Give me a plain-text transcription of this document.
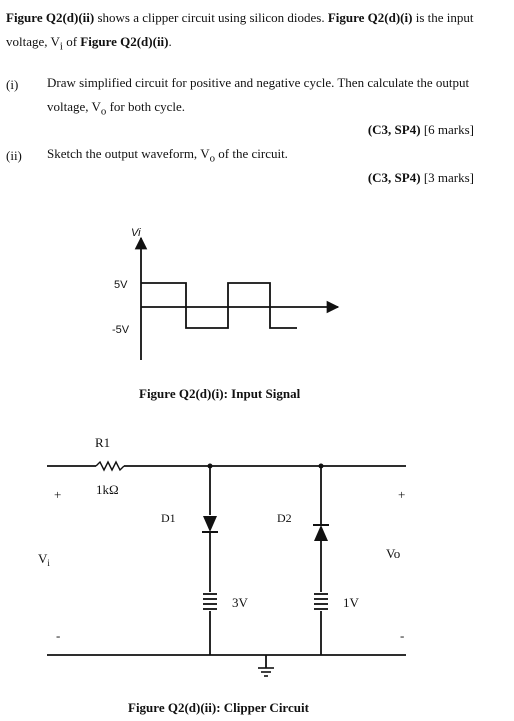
Figure Q2(d)(ii) shows a clipper circuit using silicon diodes. Figure Q2(d)(i) is the input voltage, $V_i$ of Figure Q2(d)(ii).
(i) Draw simplified circuit for positive and negative cycle. Then calculate the output voltage, $V_o$ for both cycle.
(C3, SP4) [6 marks]
(ii) Sketch the output waveform, $V_o$ of the circuit.
(C3, SP4) [3 marks]
Vi
5V
-5V
Figure Q2(d)(i): Input Signal
R1
1kΩ
D1	D2
3V	1V
+
-
+
-
$V_i$
Vo
Figure Q2(d)(ii): Clipper Circuit
